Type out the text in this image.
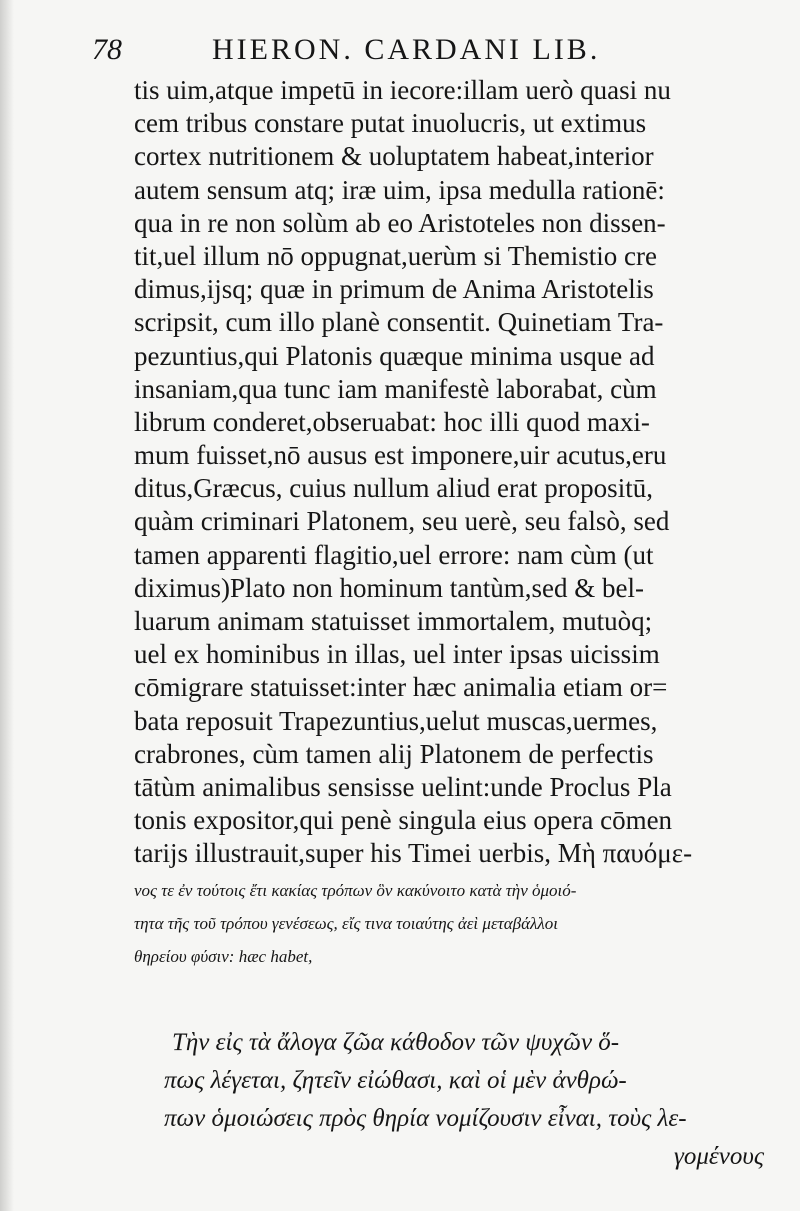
78	HIERON. CARDANI LIB.
tis uim,atque impetū in iecore:illam uerò quasi nu
cem tribus constare putat inuolucris, ut extimus
cortex nutritionem & uoluptatem habeat,interior
autem sensum atq; iræ uim, ipsa medulla rationē:
qua in re non solùm ab eo Aristoteles non dissen-
tit,uel illum nō oppugnat,uerùm si Themistio cre
dimus,ijsq; quæ in primum de Anima Aristotelis
scripsit, cum illo planè consentit. Quinetiam Tra-
pezuntius,qui Platonis quæque minima usque ad
insaniam,qua tunc iam manifestè laborabat, cùm
librum conderet,obseruabat: hoc illi quod maxi-
mum fuisset,nō ausus est imponere,uir acutus,eru
ditus,Græcus, cuius nullum aliud erat propositū,
quàm criminari Platonem, seu uerè, seu falsò, sed
tamen apparenti flagitio,uel errore: nam cùm (ut
diximus)Plato non hominum tantùm,sed & bel-
luarum animam statuisset immortalem, mutuòq;
uel ex hominibus in illas, uel inter ipsas uicissim
cōmigrare statuisset:inter hæc animalia etiam or=
bata reposuit Trapezuntius,uelut muscas,uermes,
crabrones, cùm tamen alij Platonem de perfectis
tātùm animalibus sensisse uelint:unde Proclus Pla
tonis expositor,qui penè singula eius opera cōmen
tarijs illustrauit,super his Timei uerbis, Μὴ παυόμε-
νος τε ἐν τούτοις ἔτι κακίας τρόπων ὃν κακύνοιτο κατὰ τὴν ὁμοιό-
τητα τῆς τοῦ τρόπου γενέσεως, εἴς τινα τοιαύτης ἀεὶ μεταβάλλοι
θηρείου φύσιν: hæc habet,
Τὴν εἰς τὰ ἄλογα ζῶα κάθοδον τῶν ψυχῶν ὅ-
πως λέγεται, ζητεῖν εἰώθασι, καὶ οἱ μὲν ἀνθρώ-
πων ὁμοιώσεις πρὸς θηρία νομίζουσιν εἶναι, τοὺς λε-
γομένους
